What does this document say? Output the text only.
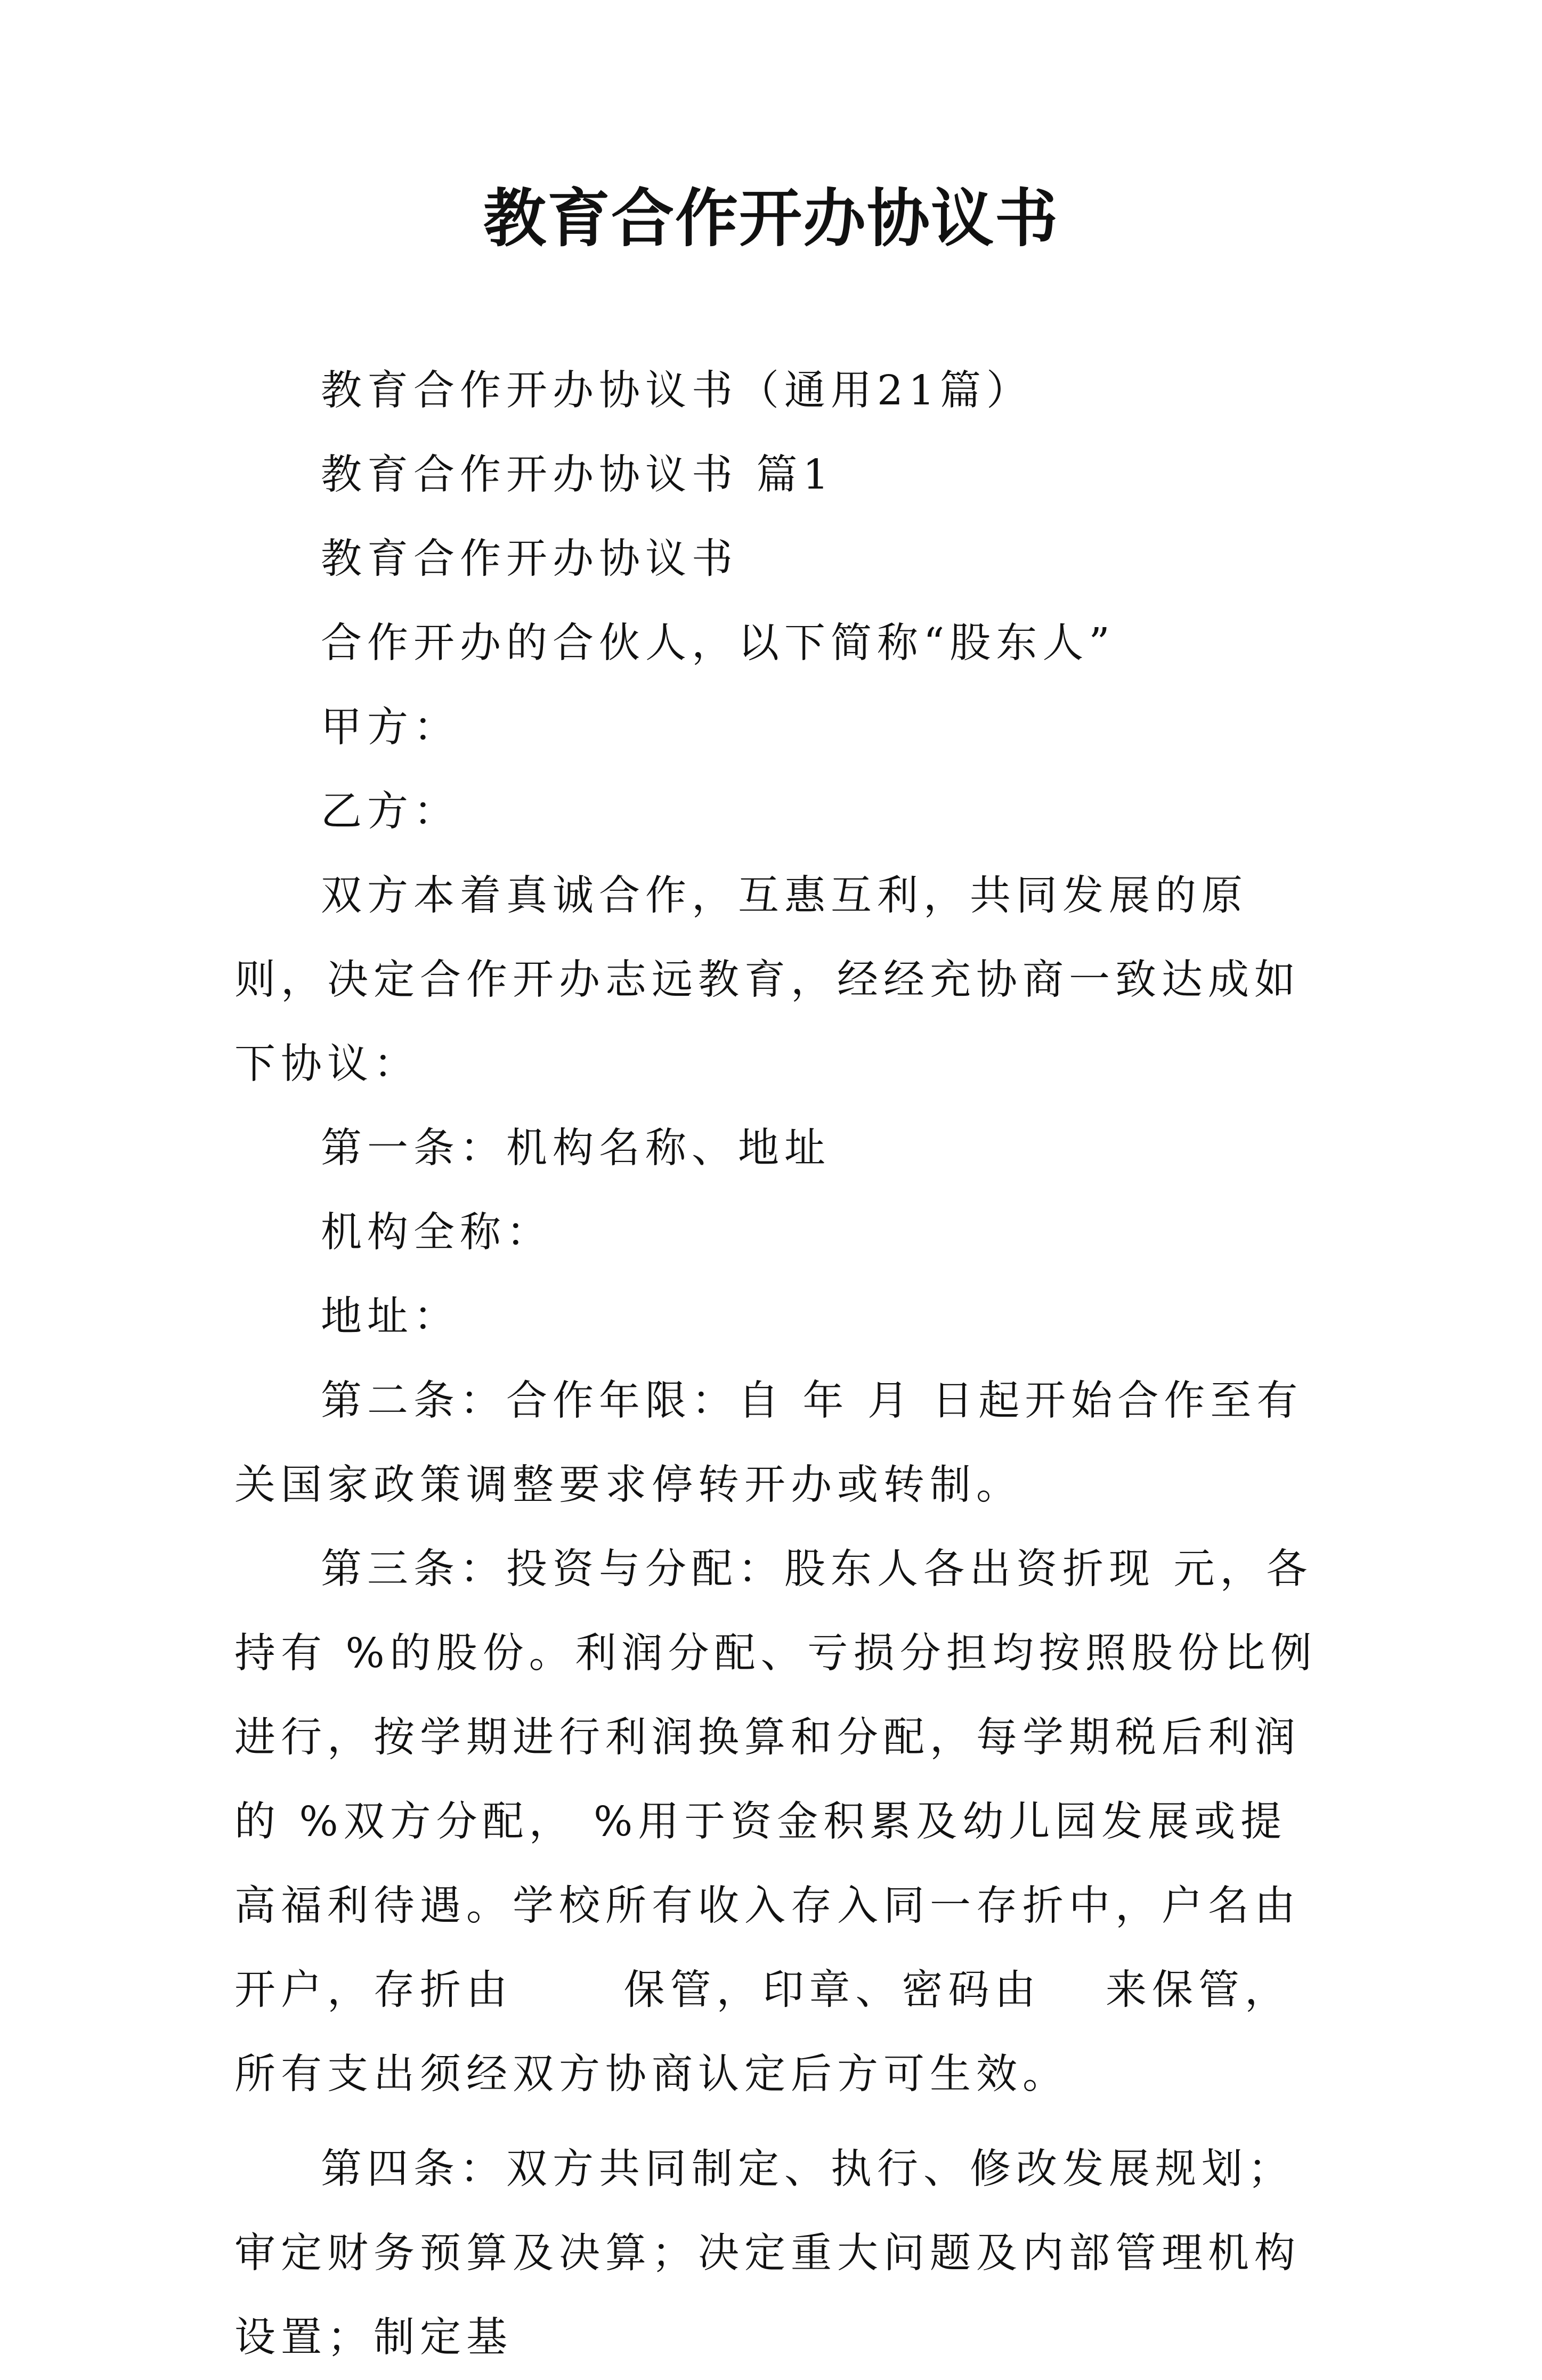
教育合作开办协议书

教育合作开办协议书（通用21篇）

教育合作开办协议书 篇1

教育合作开办协议书

合作开办的合伙人，以下简称“股东人”

甲方：

乙方：

双方本着真诚合作，互惠互利，共同发展的原则，决定合作开办志远教育，经经充协商一致达成如下协议：

第一条：机构名称、地址

机构全称：

地址：

第二条：合作年限：自 年 月 日起开始合作至有关国家政策调整要求停转开办或转制。

第三条：投资与分配：股东人各出资折现 元，各持有 %的股份。利润分配、亏损分担均按照股份比例进行，按学期进行利润换算和分配，每学期税后利润的 %双方分配， %用于资金积累及幼儿园发展或提高福利待遇。学校所有收入存入同一存折中，户名由　　 开户，存折由　　 保管，印章、密码由　 来保管，所有支出须经双方协商认定后方可生效。

第四条：双方共同制定、执行、修改发展规划；审定财务预算及决算；决定重大问题及内部管理机构设置；制定基
